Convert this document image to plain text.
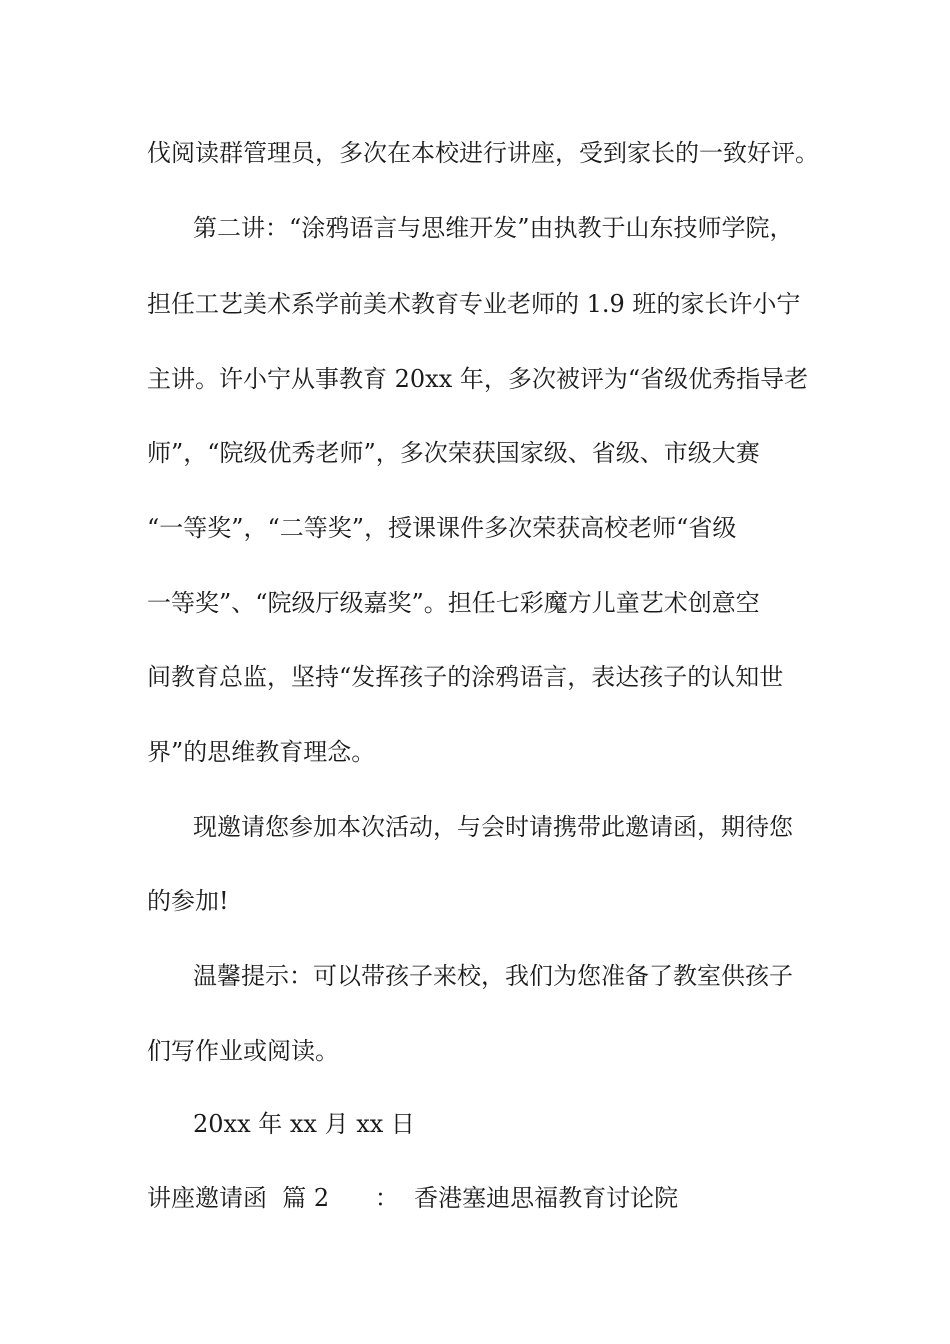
伐阅读群管理员，多次在本校进行讲座，受到家长的一致好评。
第二讲：“涂鸦语言与思维开发”由执教于山东技师学院，
担任工艺美术系学前美术教育专业老师的 1.9 班的家长许小宁
主讲。许小宁从事教育 20xx 年，多次被评为“省级优秀指导老
师”，“院级优秀老师”，多次荣获国家级、省级、市级大赛
“一等奖”，“二等奖”，授课课件多次荣获高校老师“省级
一等奖”、“院级厅级嘉奖”。担任七彩魔方儿童艺术创意空
间教育总监，坚持“发挥孩子的涂鸦语言，表达孩子的认知世
界”的思维教育理念。
现邀请您参加本次活动，与会时请携带此邀请函，期待您
的参加!
温馨提示：可以带孩子来校，我们为您准备了教室供孩子
们写作业或阅读。
20xx 年 xx 月 xx 日
讲座邀请函  篇 2      ：  香港塞迪思福教育讨论院
